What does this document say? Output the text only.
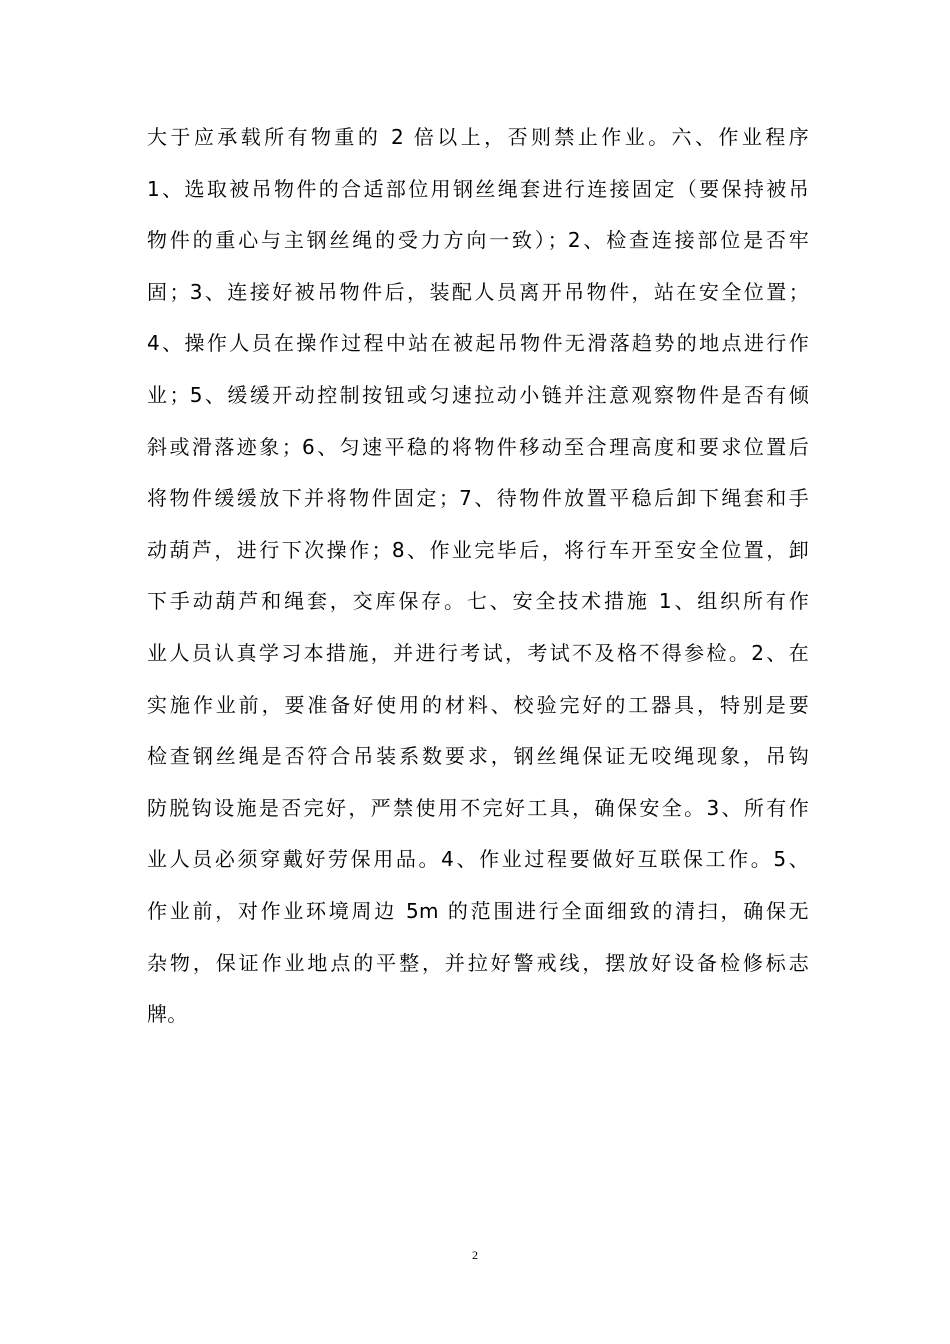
大于应承载所有物重的 2 倍以上，否则禁止作业。六、作业程序
1、选取被吊物件的合适部位用钢丝绳套进行连接固定（要保持被吊
物件的重心与主钢丝绳的受力方向一致）；2、检查连接部位是否牢
固；3、连接好被吊物件后，装配人员离开吊物件，站在安全位置；
4、操作人员在操作过程中站在被起吊物件无滑落趋势的地点进行作
业；5、缓缓开动控制按钮或匀速拉动小链并注意观察物件是否有倾
斜或滑落迹象；6、匀速平稳的将物件移动至合理高度和要求位置后
将物件缓缓放下并将物件固定；7、待物件放置平稳后卸下绳套和手
动葫芦，进行下次操作；8、作业完毕后，将行车开至安全位置，卸
下手动葫芦和绳套，交库保存。七、安全技术措施 1、组织所有作
业人员认真学习本措施，并进行考试，考试不及格不得参检。2、在
实施作业前，要准备好使用的材料、校验完好的工器具，特别是要
检查钢丝绳是否符合吊装系数要求，钢丝绳保证无咬绳现象，吊钩
防脱钩设施是否完好，严禁使用不完好工具，确保安全。3、所有作
业人员必须穿戴好劳保用品。4、作业过程要做好互联保工作。5、
作业前，对作业环境周边 5m 的范围进行全面细致的清扫，确保无
杂物，保证作业地点的平整，并拉好警戒线，摆放好设备检修标志
牌。
2
